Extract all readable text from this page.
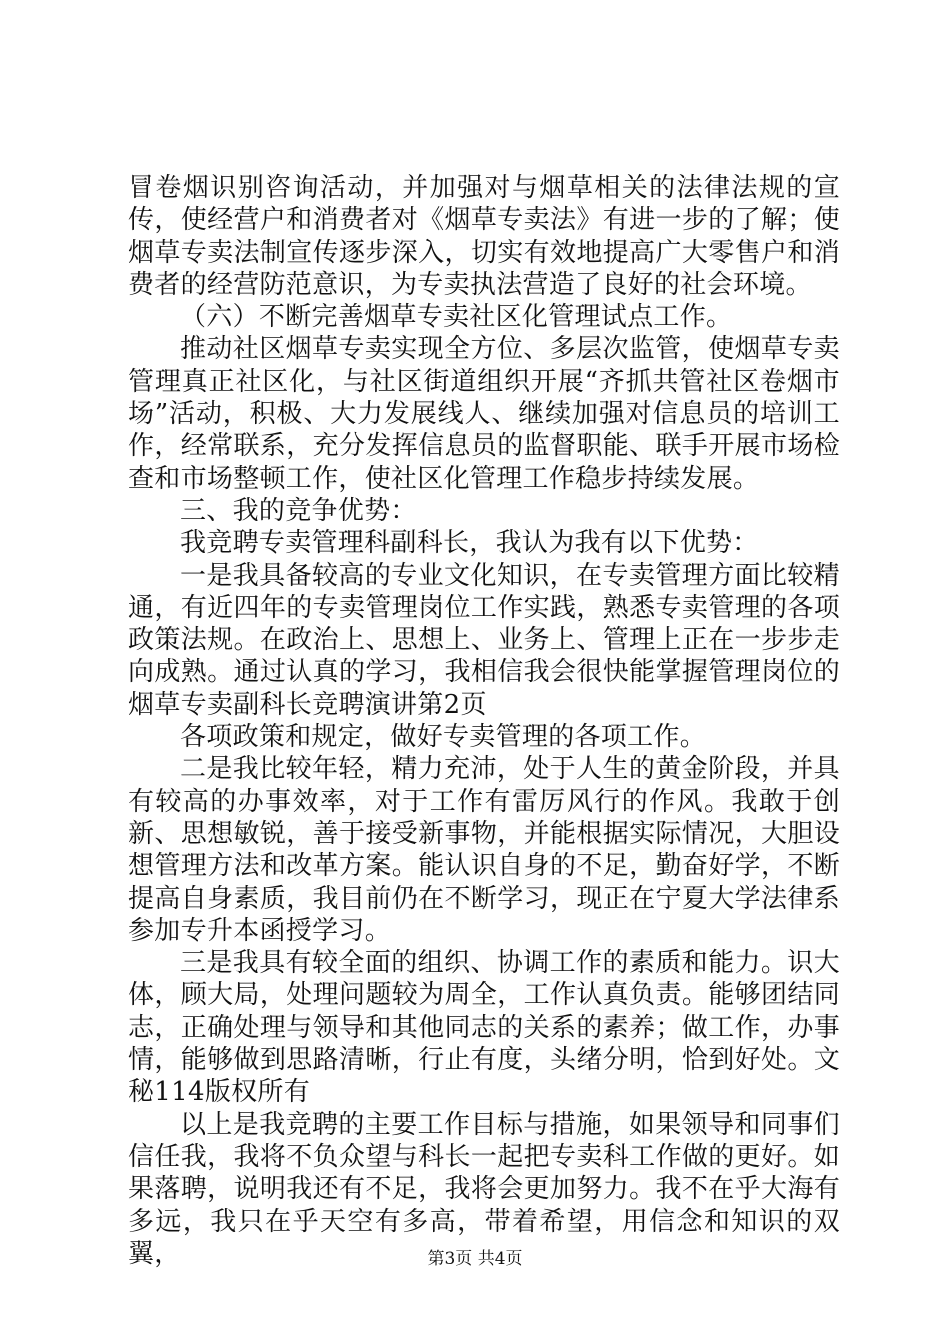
冒卷烟识别咨询活动，并加强对与烟草相关的法律法规的宣传，使经营户和消费者对《烟草专卖法》有进一步的了解；使烟草专卖法制宣传逐步深入，切实有效地提高广大零售户和消费者的经营防范意识，为专卖执法营造了良好的社会环境。

（六）不断完善烟草专卖社区化管理试点工作。

推动社区烟草专卖实现全方位、多层次监管，使烟草专卖管理真正社区化，与社区街道组织开展“齐抓共管社区卷烟市场”活动，积极、大力发展线人、继续加强对信息员的培训工作，经常联系，充分发挥信息员的监督职能、联手开展市场检查和市场整顿工作，使社区化管理工作稳步持续发展。

三、我的竞争优势：

我竞聘专卖管理科副科长，我认为我有以下优势：

一是我具备较高的专业文化知识，在专卖管理方面比较精通，有近四年的专卖管理岗位工作实践，熟悉专卖管理的各项政策法规。在政治上、思想上、业务上、管理上正在一步步走向成熟。通过认真的学习，我相信我会很快能掌握管理岗位的烟草专卖副科长竞聘演讲第2页

各项政策和规定，做好专卖管理的各项工作。

二是我比较年轻，精力充沛，处于人生的黄金阶段，并具有较高的办事效率，对于工作有雷厉风行的作风。我敢于创新、思想敏锐，善于接受新事物，并能根据实际情况，大胆设想管理方法和改革方案。能认识自身的不足，勤奋好学，不断提高自身素质，我目前仍在不断学习，现正在宁夏大学法律系参加专升本函授学习。

三是我具有较全面的组织、协调工作的素质和能力。识大体，顾大局，处理问题较为周全，工作认真负责。能够团结同志，正确处理与领导和其他同志的关系的素养；做工作，办事情，能够做到思路清晰，行止有度，头绪分明，恰到好处。文秘114版权所有

以上是我竞聘的主要工作目标与措施，如果领导和同事们信任我，我将不负众望与科长一起把专卖科工作做的更好。如果落聘，说明我还有不足，我将会更加努力。我不在乎大海有多远，我只在乎天空有多高，带着希望，用信念和知识的双翼，	第3页 共4页
